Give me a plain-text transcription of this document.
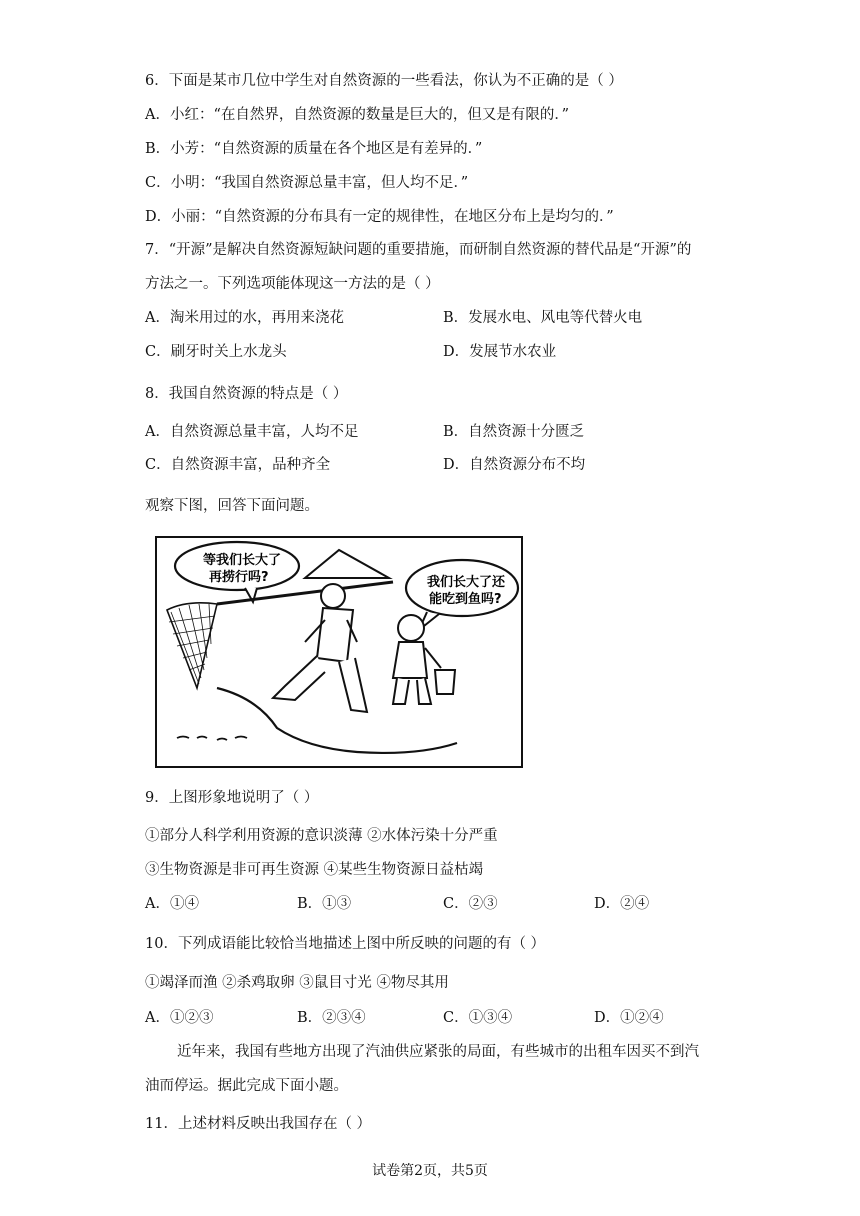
6．下面是某市几位中学生对自然资源的一些看法，你认为不正确的是（ ）
A．小红：“在自然界，自然资源的数量是巨大的，但又是有限的．”
B．小芳：“自然资源的质量在各个地区是有差异的．”
C．小明：“我国自然资源总量丰富，但人均不足．”
D．小丽：“自然资源的分布具有一定的规律性，在地区分布上是均匀的．”
7．“开源”是解决自然资源短缺问题的重要措施，而研制自然资源的替代品是“开源”的
方法之一。下列选项能体现这一方法的是（ ）
A．淘米用过的水，再用来浇花	B．发展水电、风电等代替火电
C．刷牙时关上水龙头	D．发展节水农业
8．我国自然资源的特点是（ ）
A．自然资源总量丰富，人均不足	B．自然资源十分匮乏
C．自然资源丰富，品种齐全	D．自然资源分布不均
观察下图，回答下面问题。
等我们长大了
再捞行吗?	我们长大了还
能吃到鱼吗?
9．上图形象地说明了（ ）
①部分人科学利用资源的意识淡薄 ②水体污染十分严重
③生物资源是非可再生资源 ④某些生物资源日益枯竭
A．①④	B．①③	C．②③	D．②④
10．下列成语能比较恰当地描述上图中所反映的问题的有（ ）
①竭泽而渔 ②杀鸡取卵 ③鼠目寸光 ④物尽其用
A．①②③	B．②③④	C．①③④	D．①②④
近年来，我国有些地方出现了汽油供应紧张的局面，有些城市的出租车因买不到汽
油而停运。据此完成下面小题。
11．上述材料反映出我国存在（ ）
试卷第2页，共5页
